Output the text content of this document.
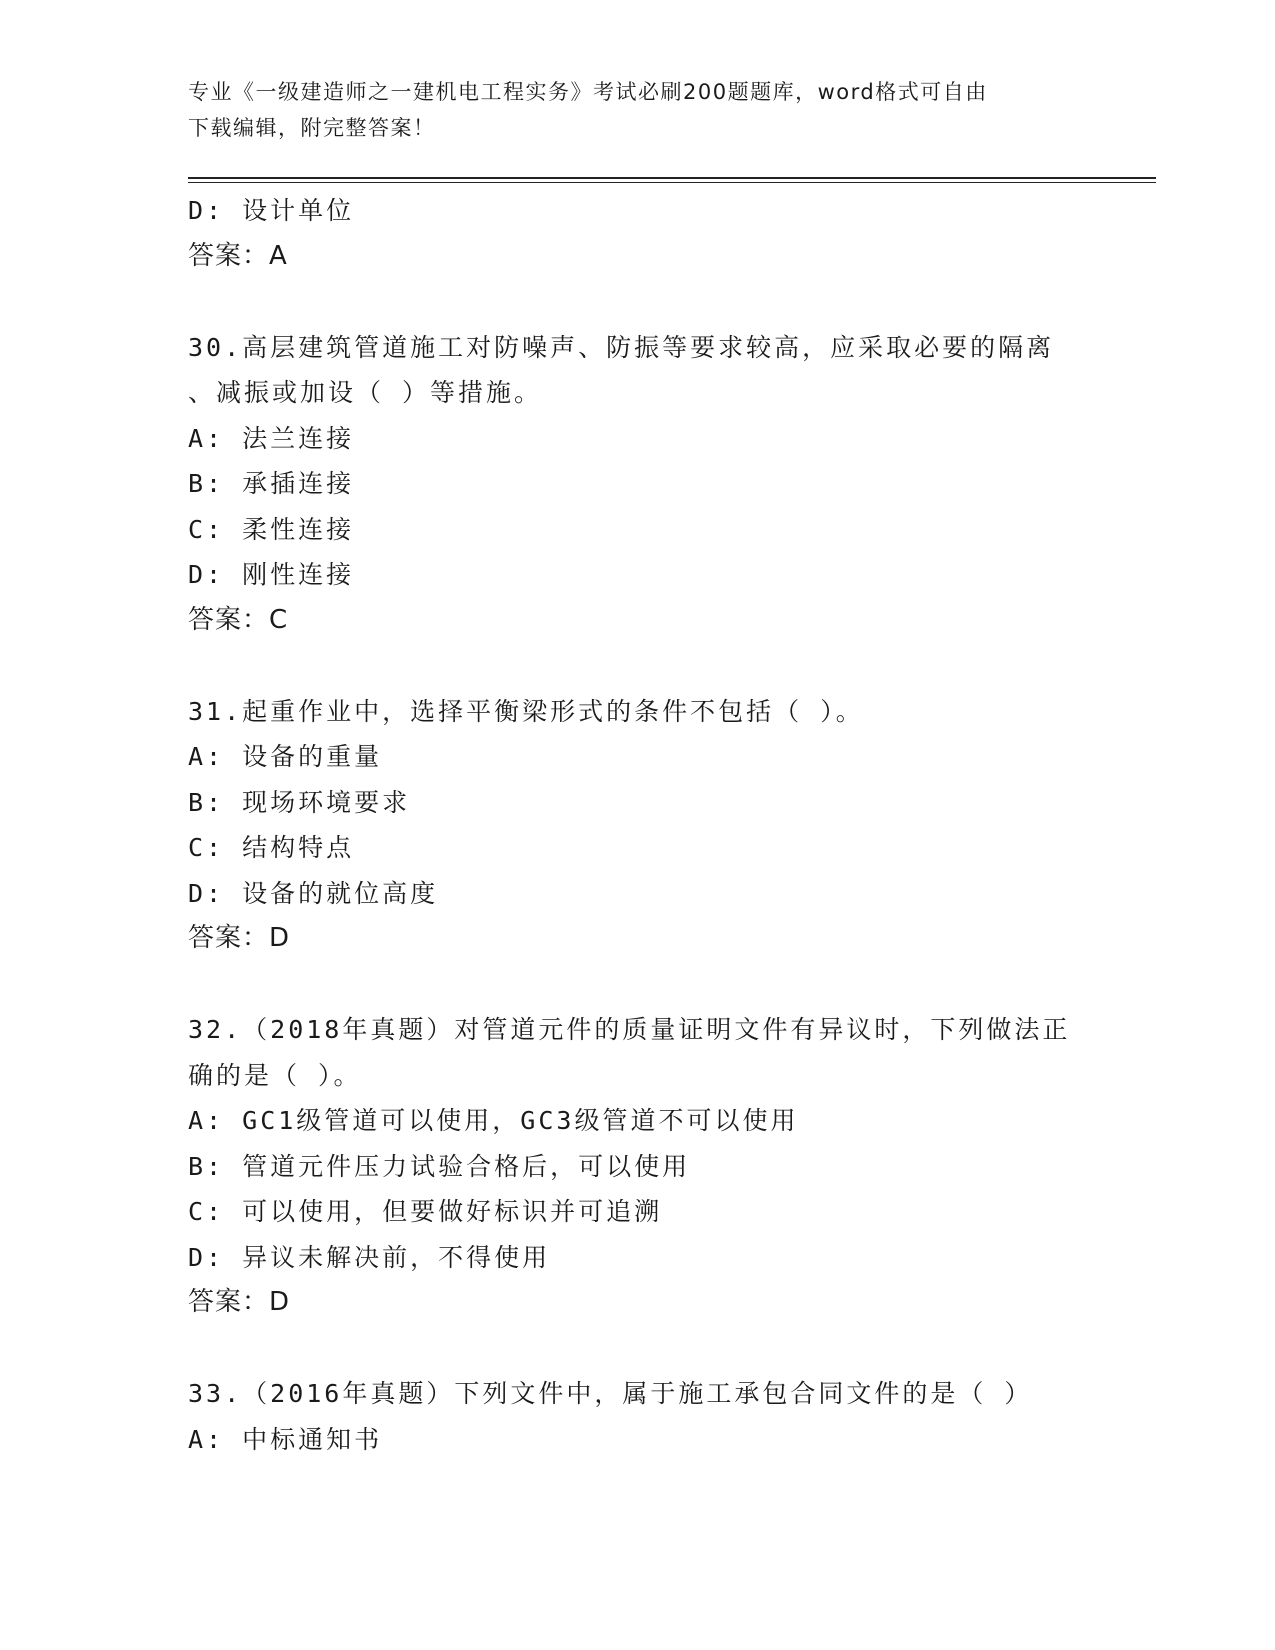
专业《一级建造师之一建机电工程实务》考试必刷200题题库，word格式可自由
下载编辑，附完整答案！
D: 设计单位
答案：A
30.高层建筑管道施工对防噪声、防振等要求较高，应采取必要的隔离
、减振或加设（ ）等措施。
A: 法兰连接
B: 承插连接
C: 柔性连接
D: 刚性连接
答案：C
31.起重作业中，选择平衡梁形式的条件不包括（ ）。
A: 设备的重量
B: 现场环境要求
C: 结构特点
D: 设备的就位高度
答案：D
32.（2018年真题）对管道元件的质量证明文件有异议时，下列做法正
确的是（ ）。
A: GC1级管道可以使用，GC3级管道不可以使用
B: 管道元件压力试验合格后，可以使用
C: 可以使用，但要做好标识并可追溯
D: 异议未解决前，不得使用
答案：D
33.（2016年真题）下列文件中，属于施工承包合同文件的是（ ）
A: 中标通知书
